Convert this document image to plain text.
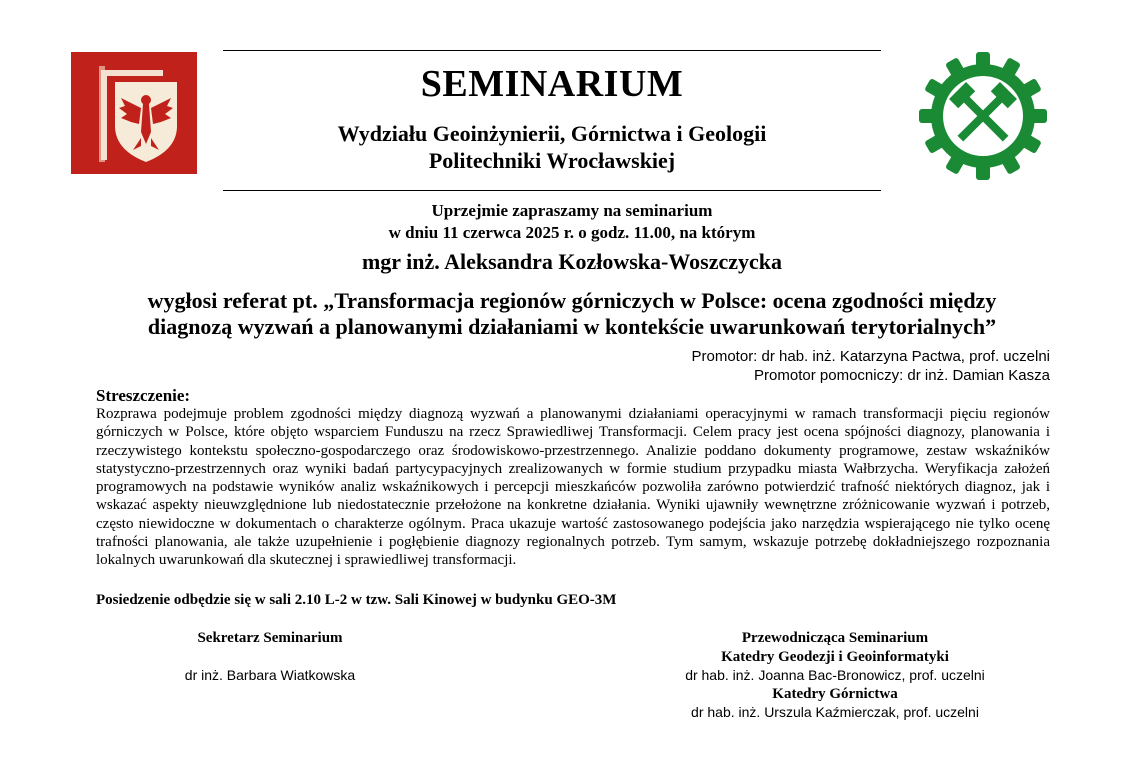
SEMINARIUM
Wydziału Geoinżynierii, Górnictwa i Geologii
Politechniki Wrocławskiej
Uprzejmie zapraszamy na seminarium
w dniu 11 czerwca 2025 r. o godz. 11.00, na którym
mgr inż. Aleksandra Kozłowska-Woszczycka
wygłosi referat pt. „Transformacja regionów górniczych w Polsce: ocena zgodności między
diagnozą wyzwań a planowanymi działaniami w kontekście uwarunkowań terytorialnych”
Promotor: dr hab. inż. Katarzyna Pactwa, prof. uczelni
Promotor pomocniczy: dr inż. Damian Kasza
Streszczenie:
Rozprawa podejmuje problem zgodności między diagnozą wyzwań a planowanymi działaniami operacyjnymi w ramach transformacji pięciu regionów górniczych w Polsce, które objęto wsparciem Funduszu na rzecz Sprawiedliwej Transformacji. Celem pracy jest ocena spójności diagnozy, planowania i rzeczywistego kontekstu społeczno-gospodarczego oraz środowiskowo-przestrzennego. Analizie poddano dokumenty programowe, zestaw wskaźników statystyczno-przestrzennych oraz wyniki badań partycypacyjnych zrealizowanych w formie studium przypadku miasta Wałbrzycha. Weryfikacja założeń programowych na podstawie wyników analiz wskaźnikowych i percepcji mieszkańców pozwoliła zarówno potwierdzić trafność niektórych diagnoz, jak i wskazać aspekty nieuwzględnione lub niedostatecznie przełożone na konkretne działania. Wyniki ujawniły wewnętrzne zróżnicowanie wyzwań i potrzeb, często niewidoczne w dokumentach o charakterze ogólnym. Praca ukazuje wartość zastosowanego podejścia jako narzędzia wspierającego nie tylko ocenę trafności planowania, ale także uzupełnienie i pogłębienie diagnozy regionalnych potrzeb. Tym samym, wskazuje potrzebę dokładniejszego rozpoznania lokalnych uwarunkowań dla skutecznej i sprawiedliwej transformacji.
Posiedzenie odbędzie się w sali 2.10 L-2 w tzw. Sali Kinowej w budynku GEO-3M
Sekretarz Seminarium
dr inż. Barbara Wiatkowska
Przewodnicząca Seminarium
Katedry Geodezji i Geoinformatyki
dr hab. inż. Joanna Bac-Bronowicz, prof. uczelni
Katedry Górnictwa
dr hab. inż. Urszula Kaźmierczak, prof. uczelni
